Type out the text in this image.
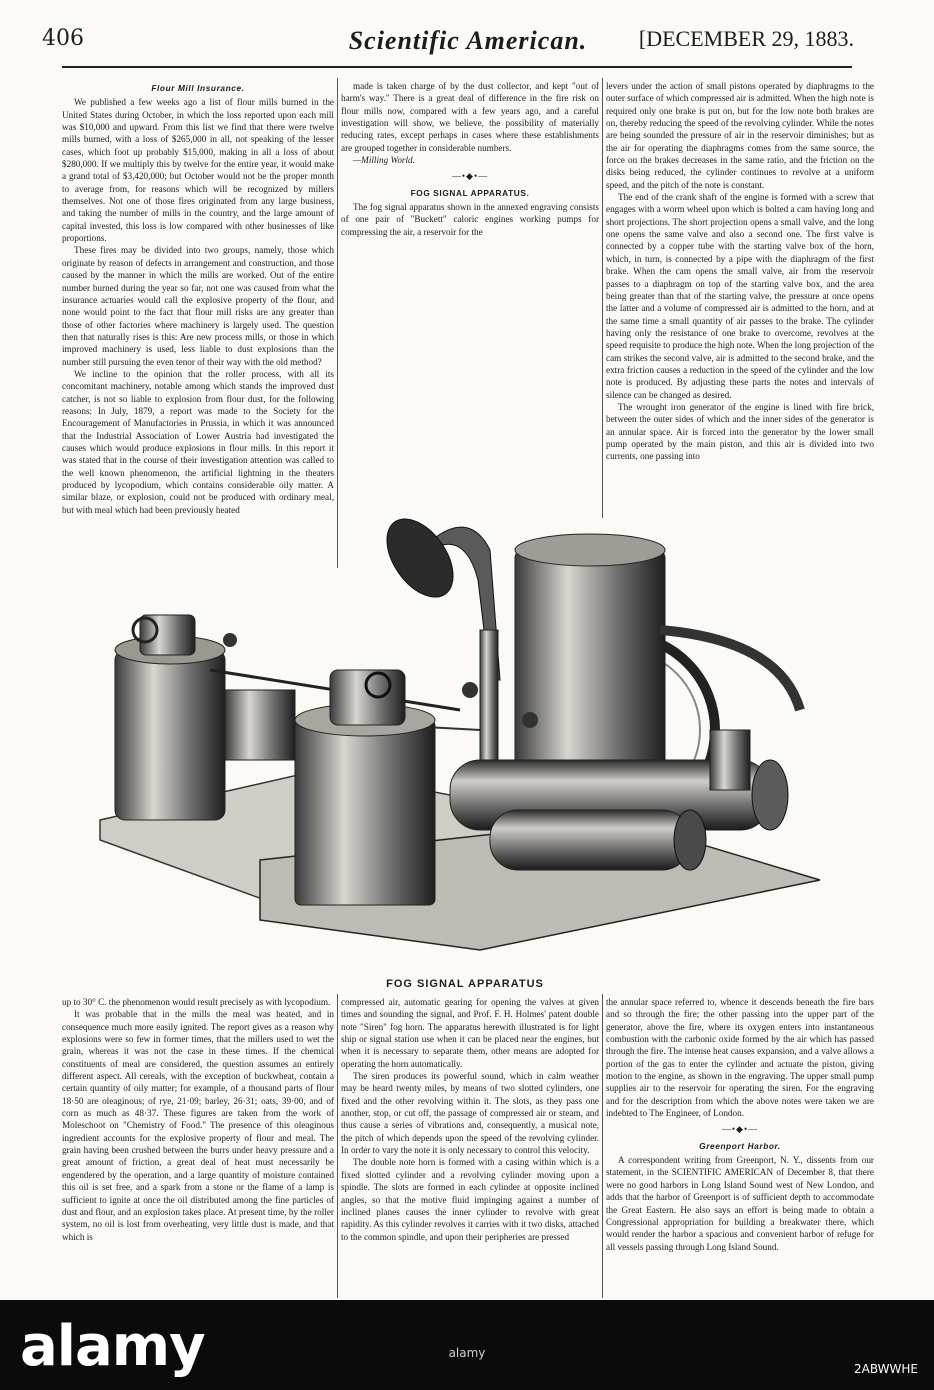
406	Scientific American.	[DECEMBER 29, 1883.
Flour Mill Insurance.

We published a few weeks ago a list of flour mills burned in the United States during October, in which the loss reported upon each mill was $10,000 and upward. From this list we find that there were twelve mills burned, with a loss of $265,000 in all, not speaking of the lesser cases, which foot up probably $15,000, making in all a loss of about $280,000. If we multiply this by twelve for the entire year, it would make a grand total of $3,420,000; but October would not be the proper month to average from, for reasons which will be recognized by millers themselves. Not one of those fires originated from any large business, and taking the number of mills in the country, and the large amount of capital invested, this loss is low compared with other businesses of like proportions.

These fires may be divided into two groups, namely, those which originate by reason of defects in arrangement and construction, and those caused by the manner in which the mills are worked. Out of the entire number burned during the year so far, not one was caused from what the insurance actuaries would call the explosive property of the flour, and none would point to the fact that flour mill risks are any greater than those of other factories where machinery is largely used. The question then that naturally rises is this: Are new process mills, or those in which improved machinery is used, less liable to dust explosions than the number still pursuing the even tenor of their way with the old method?

We incline to the opinion that the roller process, with all its concomitant machinery, notable among which stands the improved dust catcher, is not so liable to explosion from flour dust, for the following reasons: In July, 1879, a report was made to the Society for the Encouragement of Manufactories in Prussia, in which it was announced that the Industrial Association of Lower Austria had investigated the causes which would produce explosions in flour mills. In this report it was stated that in the course of their investigation attention was called to the well known phenomenon, the artificial lightning in the theaters produced by lycopodium, which contains considerable oily matter. A similar blaze, or explosion, could not be produced with ordinary meal, but with meal which had been previously heated

made is taken charge of by the dust collector, and kept "out of harm's way." There is a great deal of difference in the fire risk on flour mills now, compared with a few years ago, and a careful investigation will show, we believe, the possibility of materially reducing rates, except perhaps in cases where these establishments are grouped together in considerable numbers.

—Milling World.

—•◆•—
FOG SIGNAL APPARATUS.

The fog signal apparatus shown in the annexed engraving consists of one pair of "Buckett" caloric engines working pumps for compressing the air, a reservoir for the

levers under the action of small pistons operated by diaphragms to the outer surface of which compressed air is admitted. When the high note is required only one brake is put on, but for the low note both brakes are on, thereby reducing the speed of the revolving cylinder. While the notes are being sounded the pressure of air in the reservoir diminishes; but as the air for operating the diaphragms comes from the same source, the force on the brakes decreases in the same ratio, and the friction on the disks being reduced, the cylinder continues to revolve at a uniform speed, and the pitch of the note is constant.

The end of the crank shaft of the engine is formed with a screw that engages with a worm wheel upon which is bolted a cam having long and short projections. The short projection opens a small valve, and the long one opens the same valve and also a second one. The first valve is connected by a copper tube with the starting valve box of the horn, which, in turn, is connected by a pipe with the diaphragm of the first brake. When the cam opens the small valve, air from the reservoir passes to a diaphragm on top of the starting valve box, and the area being greater than that of the starting valve, the pressure at once opens the latter and a volume of compressed air is admitted to the horn, and at the same time a small quantity of air passes to the brake. The cylinder having only the resistance of one brake to overcome, revolves at the speed requisite to produce the high note. When the long projection of the cam strikes the second valve, air is admitted to the second brake, and the extra friction causes a reduction in the speed of the cylinder and the low note is produced. By adjusting these parts the notes and intervals of silence can be changed as desired.

The wrought iron generator of the engine is lined with fire brick, between the outer sides of which and the inner sides of the generator is an annular space. Air is forced into the generator by the lower small pump operated by the main piston, and this air is divided into two currents, one passing into

FOG SIGNAL APPARATUS

up to 30° C. the phenomenon would result precisely as with lycopodium.

It was probable that in the mills the meal was heated, and in consequence much more easily ignited. The report gives as a reason why explosions were so few in former times, that the millers used to wet the grain, whereas it was not the case in these times. If the chemical constituents of meal are considered, the question assumes an entirely different aspect. All cereals, with the exception of buckwheat, contain a certain quantity of oily matter; for example, of a thousand parts of flour 18·50 are oleaginous; of rye, 21·09; barley, 26·31; oats, 39·00, and of corn as much as 48·37. These figures are taken from the work of Moleschoot on "Chemistry of Food." The presence of this oleaginous ingredient accounts for the explosive property of flour and meal. The grain having been crushed between the burrs under heavy pressure and a great amount of friction, a great deal of heat must necessarily be engendered by the operation, and a large quantity of moisture contained this oil is set free, and a spark from a stone or the flame of a lamp is sufficient to ignite at once the oil distributed among the fine particles of dust and flour, and an explosion takes place. At present time, by the roller system, no oil is lost from overheating, very little dust is made, and that which is

compressed air, automatic gearing for opening the valves at given times and sounding the signal, and Prof. F. H. Holmes' patent double note "Siren" fog horn. The apparatus herewith illustrated is for light ship or signal station use when it can be placed near the engines, but when it is necessary to separate them, other means are adopted for operating the horn automatically.

The siren produces its powerful sound, which in calm weather may be heard twenty miles, by means of two slotted cylinders, one fixed and the other revolving within it. The slots, as they pass one another, stop, or cut off, the passage of compressed air or steam, and thus cause a series of vibrations and, consequently, a musical note, the pitch of which depends upon the speed of the revolving cylinder. In order to vary the note it is only necessary to control this velocity.

The double note horn is formed with a casing within which is a fixed slotted cylinder and a revolving cylinder moving upon a spindle. The slots are formed in each cylinder at opposite inclined angles, so that the motive fluid impinging against a number of inclined planes causes the inner cylinder to revolve with great rapidity. As this cylinder revolves it carries with it two disks, attached to the common spindle, and upon their peripheries are pressed

the annular space referred to, whence it descends beneath the fire bars and so through the fire; the other passing into the upper part of the generator, above the fire, where its oxygen enters into instantaneous combustion with the carbonic oxide formed by the air which has passed through the fire. The intense heat causes expansion, and a valve allows a portion of the gas to enter the cylinder and actuate the piston, giving motion to the engine, as shown in the engraving. The upper small pump supplies air to the reservoir for operating the siren. For the engraving and for the description from which the above notes were taken we are indebted to The Engineer, of London.

—•◆•—
Greenport Harbor.

A correspondent writing from Greenport, N. Y., dissents from our statement, in the SCIENTIFIC AMERICAN of December 8, that there were no good harbors in Long Island Sound west of New London, and adds that the harbor of Greenport is of sufficient depth to accommodate the Great Eastern. He also says an effort is being made to obtain a Congressional appropriation for building a breakwater there, which would render the harbor a spacious and convenient harbor of refuge for all vessels passing through Long Island Sound.

alamy	2ABWWHE
alamy
